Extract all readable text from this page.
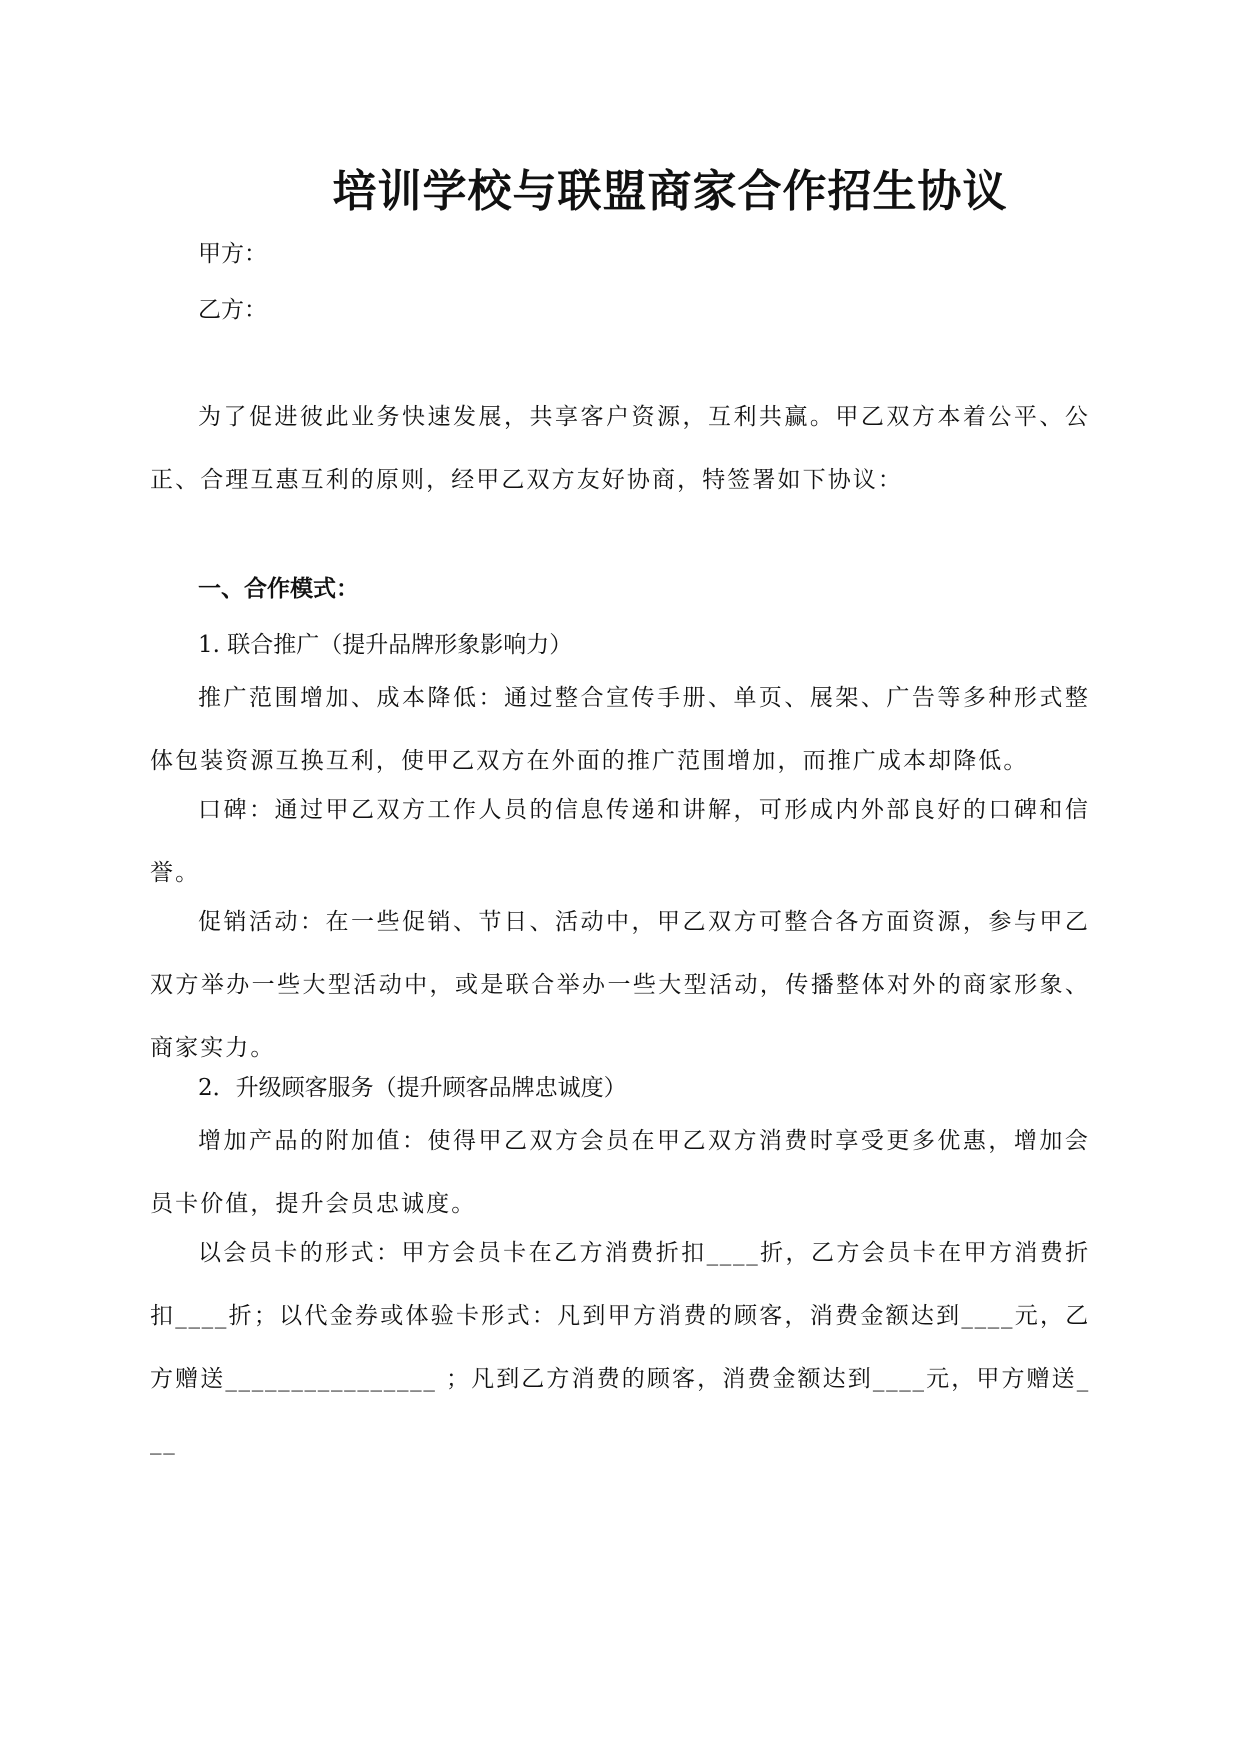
培训学校与联盟商家合作招生协议
甲方：
乙方：
为了促进彼此业务快速发展，共享客户资源，互利共赢。甲乙双方本着公平、公正、合理互惠互利的原则，经甲乙双方友好协商，特签署如下协议：
一、合作模式：
1. 联合推广（提升品牌形象影响力）
推广范围增加、成本降低：通过整合宣传手册、单页、展架、广告等多种形式整体包装资源互换互利，使甲乙双方在外面的推广范围增加，而推广成本却降低。
口碑：通过甲乙双方工作人员的信息传递和讲解，可形成内外部良好的口碑和信誉。
促销活动：在一些促销、节日、活动中，甲乙双方可整合各方面资源，参与甲乙双方举办一些大型活动中，或是联合举办一些大型活动，传播整体对外的商家形象、商家实力。
2．升级顾客服务（提升顾客品牌忠诚度）
增加产品的附加值：使得甲乙双方会员在甲乙双方消费时享受更多优惠，增加会员卡价值，提升会员忠诚度。
以会员卡的形式：甲方会员卡在乙方消费折扣____折，乙方会员卡在甲方消费折扣____折；以代金券或体验卡形式：凡到甲方消费的顾客，消费金额达到____元，乙方赠送________________ ；凡到乙方消费的顾客，消费金额达到____元，甲方赠送___
